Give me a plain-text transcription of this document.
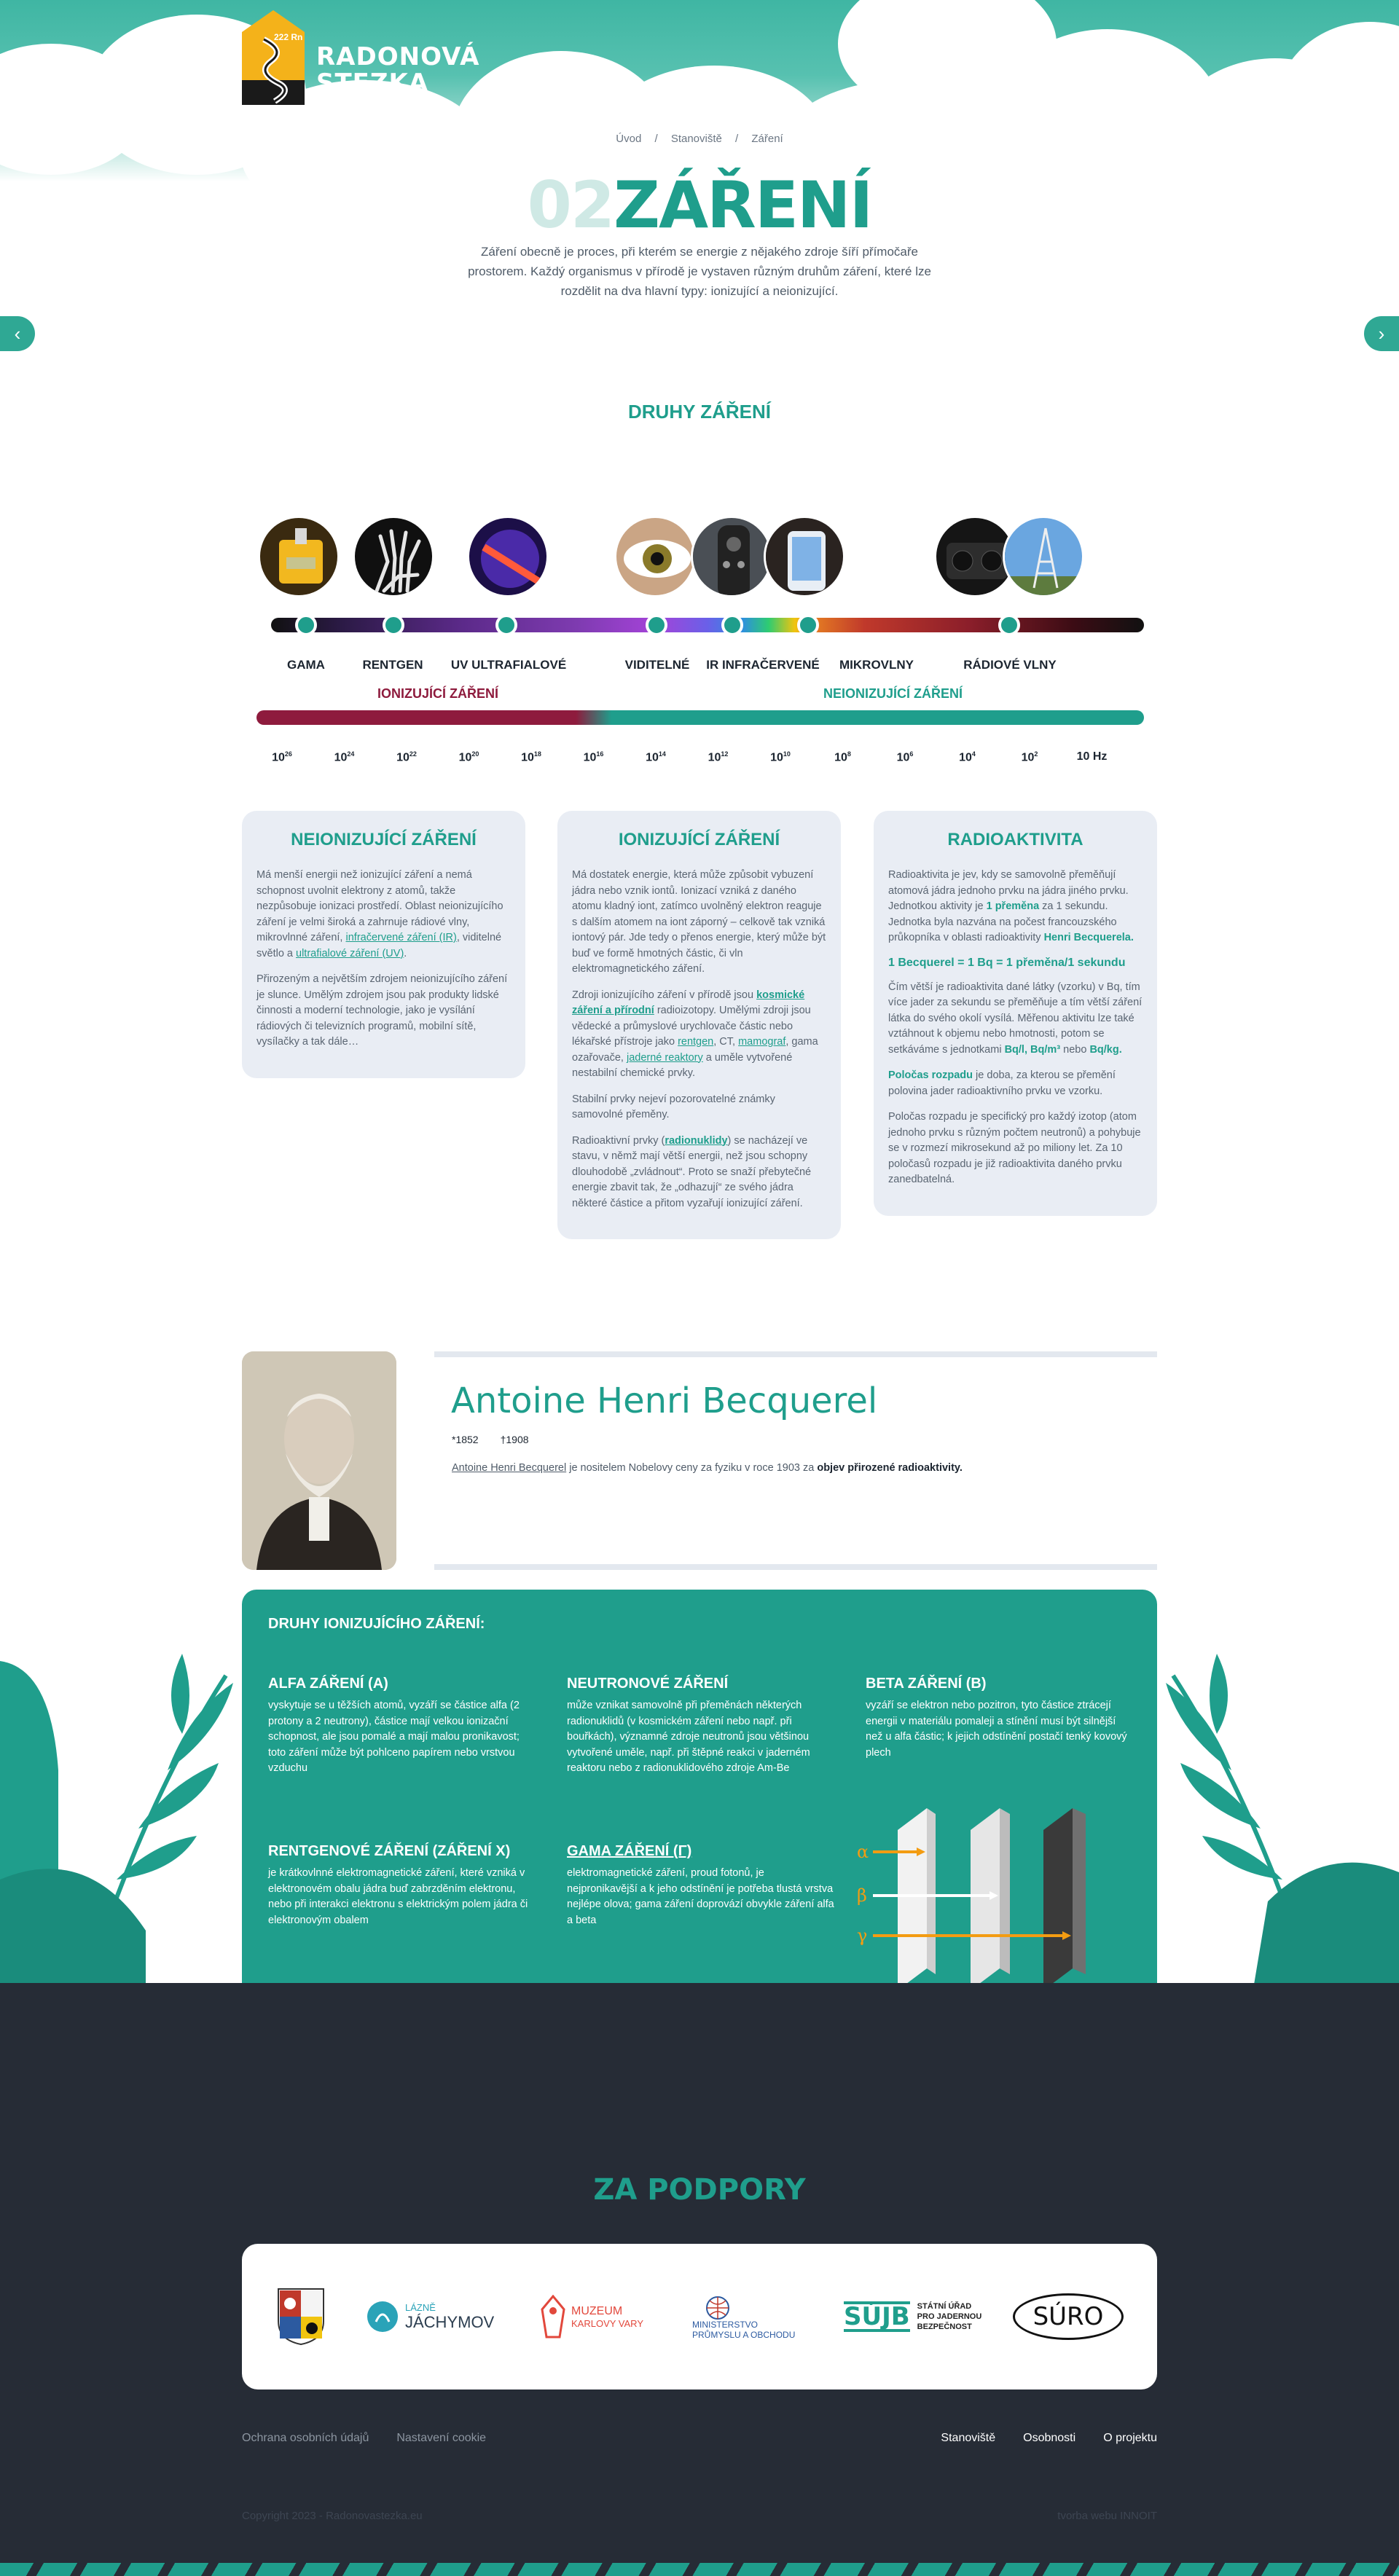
222 Rn
RADONOVÁ
STEZKA
Stanoviště Osobnosti O projektu
Úvod / Stanoviště / Záření
02ZÁŘENÍ

Záření obecně je proces, při kterém se energie z nějakého zdroje šíří přímočaře prostorem. Každý organismus v přírodě je vystaven různým druhům záření, které lze rozdělit na dva hlavní typy: ionizující a neionizující.

‹	›
DRUHY ZÁŘENÍ
GAMA	RENTGEN UV ULTRAFIALOVÉ	VIDITELNÉ IR INFRAČERVENÉ MIKROVLNY	RÁDIOVÉ VLNY
IONIZUJÍCÍ ZÁŘENÍ	NEIONIZUJÍCÍ ZÁŘENÍ
$10^{26}$	$10^{24}$	$10^{22}$	$10^{20}$	$10^{18}$	$10^{16}$	$10^{14}$	$10^{12}$	$10^{10}$	$10^8$	$10^6$	$10^4$	$10^2$	10 Hz
NEIONIZUJÍCÍ ZÁŘENÍ

Má menší energii než ionizující záření a nemá schopnost uvolnit elektrony z atomů, takže nezpůsobuje ionizaci prostředí. Oblast neionizujícího záření je velmi široká a zahrnuje rádiové vlny, mikrovlnné záření, infračervené záření (IR), viditelné světlo a ultrafialové záření (UV).

Přirozeným a největším zdrojem neionizujícího záření je slunce. Umělým zdrojem jsou pak produkty lidské činnosti a moderní technologie, jako je vysílání rádiových či televizních programů, mobilní sítě, vysílačky a tak dále…

IONIZUJÍCÍ ZÁŘENÍ

Má dostatek energie, která může způsobit vybuzení jádra nebo vznik iontů. Ionizací vzniká z daného atomu kladný iont, zatímco uvolněný elektron reaguje s dalším atomem na iont záporný – celkově tak vzniká iontový pár. Jde tedy o přenos energie, který může být buď ve formě hmotných částic, či vln elektromagnetického záření.

Zdroji ionizujícího záření v přírodě jsou kosmické záření a přírodní radioizotopy. Umělými zdroji jsou vědecké a průmyslové urychlovače částic nebo lékařské přístroje jako rentgen, CT, mamograf, gama ozařovače, jaderné reaktory a uměle vytvořené nestabilní chemické prvky.

Stabilní prvky nejeví pozorovatelné známky samovolné přeměny.

Radioaktivní prvky (radionuklidy) se nacházejí ve stavu, v němž mají větší energii, než jsou schopny dlouhodobě „zvládnout“. Proto se snaží přebytečné energie zbavit tak, že „odhazují“ ze svého jádra některé částice a přitom vyzařují ionizující záření.

RADIOAKTIVITA

Radioaktivita je jev, kdy se samovolně přeměňují atomová jádra jednoho prvku na jádra jiného prvku. Jednotkou aktivity je 1 přeměna za 1 sekundu. Jednotka byla nazvána na počest francouzského průkopníka v oblasti radioaktivity Henri Becquerela.

1 Becquerel = 1 Bq = 1 přeměna/1 sekundu

Čím větší je radioaktivita dané látky (vzorku) v Bq, tím více jader za sekundu se přeměňuje a tím větší záření látka do svého okolí vysílá. Měřenou aktivitu lze také vztáhnout k objemu nebo hmotnosti, potom se setkáváme s jednotkami Bq/l, Bq/m³ nebo Bq/kg.

Poločas rozpadu je doba, za kterou se přemění polovina jader radioaktivního prvku ve vzorku.

Poločas rozpadu je specifický pro každý izotop (atom jednoho prvku s různým počtem neutronů) a pohybuje se v rozmezí mikrosekund až po miliony let. Za 10 poločasů rozpadu je již radioaktivita daného prvku zanedbatelná.

Antoine Henri Becquerel
*1852 †1908
Antoine Henri Becquerel je nositelem Nobelovy ceny za fyziku v roce 1903 za objev přirozené radioaktivity.
DRUHY IONIZUJÍCÍHO ZÁŘENÍ:
ALFA ZÁŘENÍ (A)

vyskytuje se u těžších atomů, vyzáří se částice alfa (2 protony a 2 neutrony), částice mají velkou ionizační schopnost, ale jsou pomalé a mají malou pronikavost; toto záření může být pohlceno papírem nebo vrstvou vzduchu

NEUTRONOVÉ ZÁŘENÍ

může vznikat samovolně při přeměnách některých radionuklidů (v kosmickém záření nebo např. při bouřkách), významné zdroje neutronů jsou většinou vytvořené uměle, např. při štěpné reakci v jaderném reaktoru nebo z radionuklidového zdroje Am-Be

BETA ZÁŘENÍ (Β)

vyzáří se elektron nebo pozitron, tyto částice ztrácejí energii v materiálu pomaleji a stínění musí být silnější než u alfa částic; k jejich odstínění postačí tenký kovový plech

RENTGENOVÉ ZÁŘENÍ (ZÁŘENÍ X)

je krátkovlnné elektromagnetické záření, které vzniká v elektronovém obalu jádra buď zabrzděním elektronu, nebo při interakci elektronu s elektrickým polem jádra či elektronovým obalem

GAMA ZÁŘENÍ (Γ)

elektromagnetické záření, proud fotonů, je nejpronikavější a k jeho odstínění je potřeba tlustá vrstva nejlépe olova; gama záření doprovází obvykle záření alfa a beta

α
β
γ
ZA PODPORY
LÁZNĚ
JÁCHYMOV
MUZEUM
KARLOVY VARY	MINISTERSTVO
PRŮMYSLU A OBCHODU
SÚJB STÁTNÍ ÚŘAD
PRO JADERNOU
BEZPEČNOST	SÚRO
Ochrana osobních údajů Nastavení cookie	Stanoviště Osobnosti O projektu
Copyright 2023 - Radonovastezka.eu	tvorba webu INNOIT
